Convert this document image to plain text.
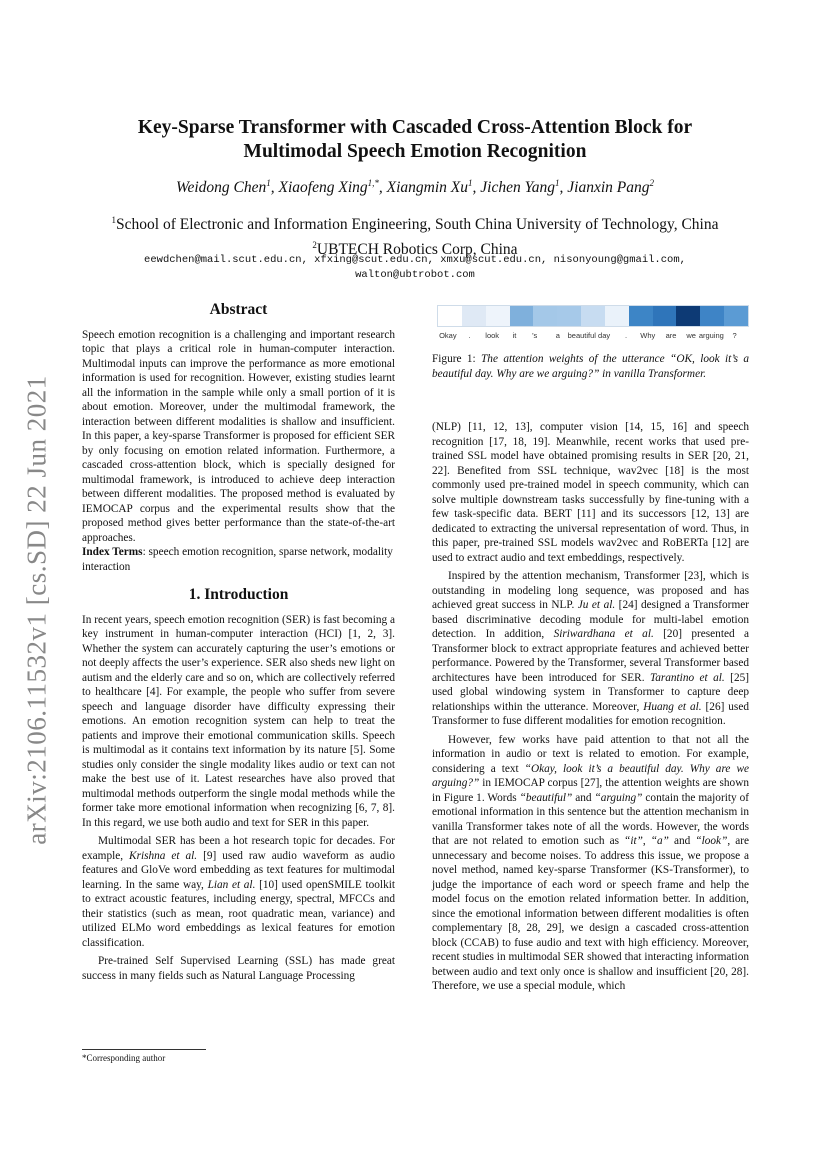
arXiv:2106.11532v1 [cs.SD] 22 Jun 2021
Key-Sparse Transformer with Cascaded Cross-Attention Block for
Multimodal Speech Emotion Recognition
Weidong Chen$^1$, Xiaofeng Xing$^{1,*}$, Xiangmin Xu$^1$, Jichen Yang$^1$, Jianxin Pang$^2$
$^1$School of Electronic and Information Engineering, South China University of Technology, China
$^2$UBTECH Robotics Corp, China
eewdchen@mail.scut.edu.cn, xfxing@scut.edu.cn, xmxu@scut.edu.cn, nisonyoung@gmail.com,
walton@ubtrobot.com
Abstract

Speech emotion recognition is a challenging and important research topic that plays a critical role in human-computer interaction. Multimodal inputs can improve the performance as more emotional information is used for recognition. However, existing studies learnt all the information in the sample while only a small portion of it is about emotion. Moreover, under the multimodal framework, the interaction between different modalities is shallow and insufficient. In this paper, a key-sparse Transformer is proposed for efficient SER by only focusing on emotion related information. Furthermore, a cascaded cross-attention block, which is specially designed for multimodal framework, is introduced to achieve deep interaction between different modalities. The proposed method is evaluated by IEMOCAP corpus and the experimental results show that the proposed method gives better performance than the state-of-the-art approaches.

Index Terms: speech emotion recognition, sparse network, modality interaction

1. Introduction

In recent years, speech emotion recognition (SER) is fast becoming a key instrument in human-computer interaction (HCI) [1, 2, 3]. Whether the system can accurately capturing the user’s emotions or not deeply affects the user’s experience. SER also sheds new light on autism and the elderly care and so on, which are collectively referred to healthcare [4]. For example, the people who suffer from severe speech and language disorder have difficulty expressing their emotions. An emotion recognition system can help to treat the patients and improve their emotional communication skills. Speech is multimodal as it contains text information by its nature [5]. Some studies only consider the single modality likes audio or text can not make the best use of it. Latest researches have also proved that multimodal methods outperform the single modal methods while the former take more emotional information when recognizing [6, 7, 8]. In this regard, we use both audio and text for SER in this paper.

Multimodal SER has been a hot research topic for decades. For example, Krishna et al. [9] used raw audio waveform as audio features and GloVe word embedding as text features for multimodal learning. In the same way, Lian et al. [10] used openSMILE toolkit to extract acoustic features, including energy, spectral, MFCCs and their statistics (such as mean, root quadratic mean, variance) and utilized ELMo word embeddings as lexical features for emotion classification.

Pre-trained Self Supervised Learning (SSL) has made great success in many fields such as Natural Language Processing

*Corresponding author
Okay . look it ’s a beautiful day . Why are we arguing ?
Figure 1: The attention weights of the utterance “OK, look it’s a beautiful day. Why are we arguing?” in vanilla Transformer.

(NLP) [11, 12, 13], computer vision [14, 15, 16] and speech recognition [17, 18, 19]. Meanwhile, recent works that used pre-trained SSL model have obtained promising results in SER [20, 21, 22]. Benefited from SSL technique, wav2vec [18] is the most commonly used pre-trained model in speech community, which can solve multiple downstream tasks successfully by fine-tuning with a few task-specific data. BERT [11] and its successors [12, 13] are dedicated to extracting the universal representation of word. Thus, in this paper, pre-trained SSL models wav2vec and RoBERTa [12] are used to extract audio and text embeddings, respectively.

Inspired by the attention mechanism, Transformer [23], which is outstanding in modeling long sequence, was proposed and has achieved great success in NLP. Ju et al. [24] designed a Transformer based discriminative decoding module for multi-label emotion detection. In addition, Siriwardhana et al. [20] presented a Transformer block to extract appropriate features and achieved better performance. Powered by the Transformer, several Transformer based architectures have been introduced for SER. Tarantino et al. [25] used global windowing system in Transformer to capture deep relationships within the utterance. Moreover, Huang et al. [26] used Transformer to fuse different modalities for emotion recognition.

However, few works have paid attention to that not all the information in audio or text is related to emotion. For example, considering a text “Okay, look it’s a beautiful day. Why are we arguing?” in IEMOCAP corpus [27], the attention weights are shown in Figure 1. Words “beautiful” and “arguing” contain the majority of emotional information in this sentence but the attention mechanism in vanilla Transformer takes note of all the words. However, the words that are not related to emotion such as “it”, “a” and “look”, are unnecessary and become noises. To address this issue, we propose a novel method, named key-sparse Transformer (KS-Transformer), to judge the importance of each word or speech frame and help the model focus on the emotion related information better. In addition, since the emotional information between different modalities is often complementary [8, 28, 29], we design a cascaded cross-attention block (CCAB) to fuse audio and text with high efficiency. Moreover, recent studies in multimodal SER showed that interacting information between audio and text only once is shallow and insufficient [20, 28]. Therefore, we use a special module, which
